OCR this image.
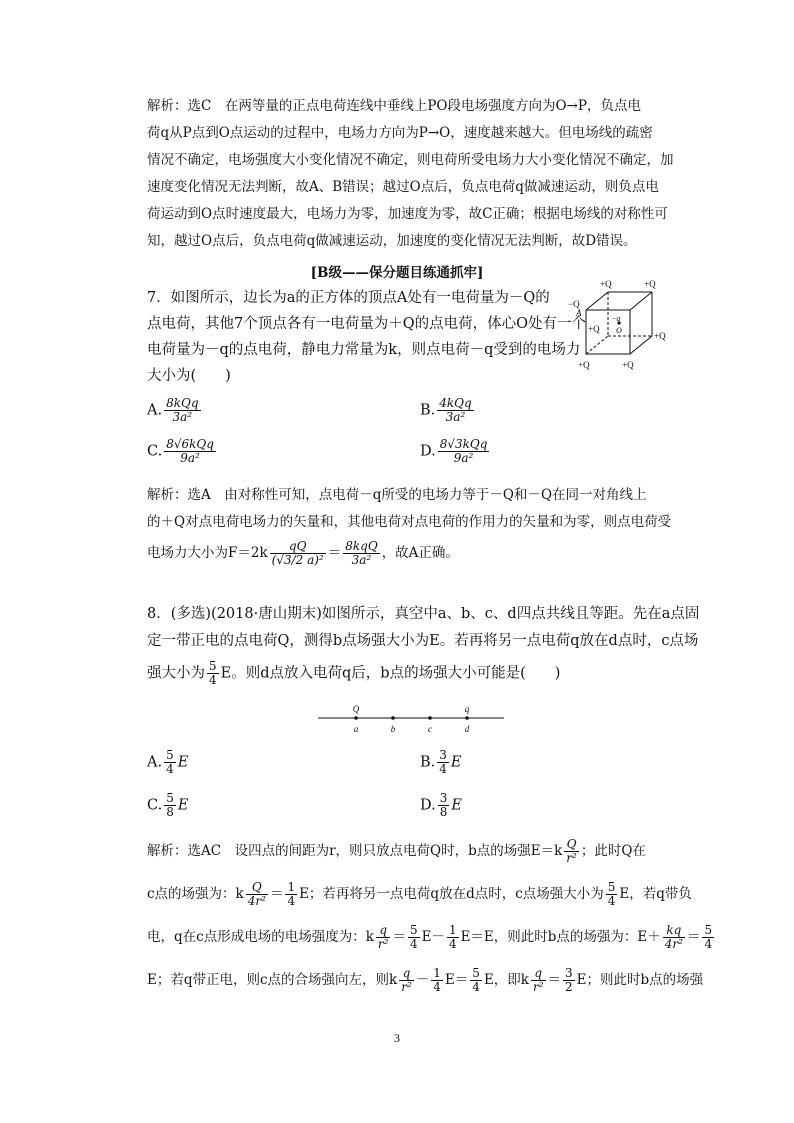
解析：选C　在两等量的正点电荷连线中垂线上PO段电场强度方向为O→P，负点电
荷q从P点到O点运动的过程中，电场力方向为P→O，速度越来越大。但电场线的疏密
情况不确定，电场强度大小变化情况不确定，则电荷所受电场力大小变化情况不确定，加
速度变化情况无法判断，故A、B错误；越过O点后，负点电荷q做减速运动，则负点电
荷运动到O点时速度最大，电场力为零，加速度为零，故C正确；根据电场线的对称性可
知，越过O点后，负点电荷q做减速运动，加速度的变化情况无法判断，故D错误。
[B级——保分题目练通抓牢]
7．如图所示，边长为a的正方体的顶点A处有一电荷量为－Q的
点电荷，其他7个顶点各有一电荷量为＋Q的点电荷，体心O处有一个
电荷量为－q的点电荷，静电力常量为k，则点电荷－q受到的电场力
大小为(　　)
+Q	+Q
−Q
A
+Q
−q
O
+Q
+Q	+Q
A. $\frac{\text{8kQq}}{\text{3a²}}$	B. $\frac{\text{4kQq}}{\text{3a²}}$
C. $\frac{\text{8√6kQq}}{\text{9a²}}$	D. $\frac{\text{8√3kQq}}{\text{9a²}}$
解析：选A　由对称性可知，点电荷－q所受的电场力等于－Q和－Q在同一对角线上
的＋Q对点电荷电场力的矢量和，其他电荷对点电荷的作用力的矢量和为零，则点电荷受
电场力大小为$F=2k \frac{qQ}{\text{(√3/2 a)²}} = \frac{\text{8kqQ}}{\text{3a²}}$ ，故A正确。
8．(多选)(2018·唐山期末)如图所示，真空中a、b、c、d四点共线且等距。先在a点固
定一带正电的点电荷Q，测得b点场强大小为E。若再将另一点电荷q放在d点时，c点场
强大小为 $\frac{5}{4}$ E。则d点放入电荷q后，b点的场强大小可能是(　　)
Q	q
a	b	c	d
A. $\frac{5}{4}$ E	B. $\frac{3}{4}$ E
C. $\frac{5}{8}$ E	D. $\frac{3}{8}$ E
解析：选AC　设四点的间距为r，则只放点电荷Q时，b点的场强$E=k \frac{Q}{\text{r²}}$ ；此时Q在
c点的场强为：k $\frac{Q}{\text{4r²}} = \frac{1}{4}$ E；若再将另一点电荷q放在d点时，c点场强大小为 $\frac{5}{4}$ E，若q带负
电，q在c点形成电场的电场强度为：k $\frac{q}{\text{r²}} = \frac{5}{4} E- \frac{1}{4} E=E$，则此时b点的场强为：$E+ \frac{kq}{\text{4r²}} = \frac{5}{4}$
E；若q带正电，则c点的合场强向左，则k $\frac{q}{\text{r²}} - \frac{1}{4} E= \frac{5}{4}$ E，即k $\frac{q}{\text{r²}} = \frac{3}{2}$ E；则此时b点的场强
3
